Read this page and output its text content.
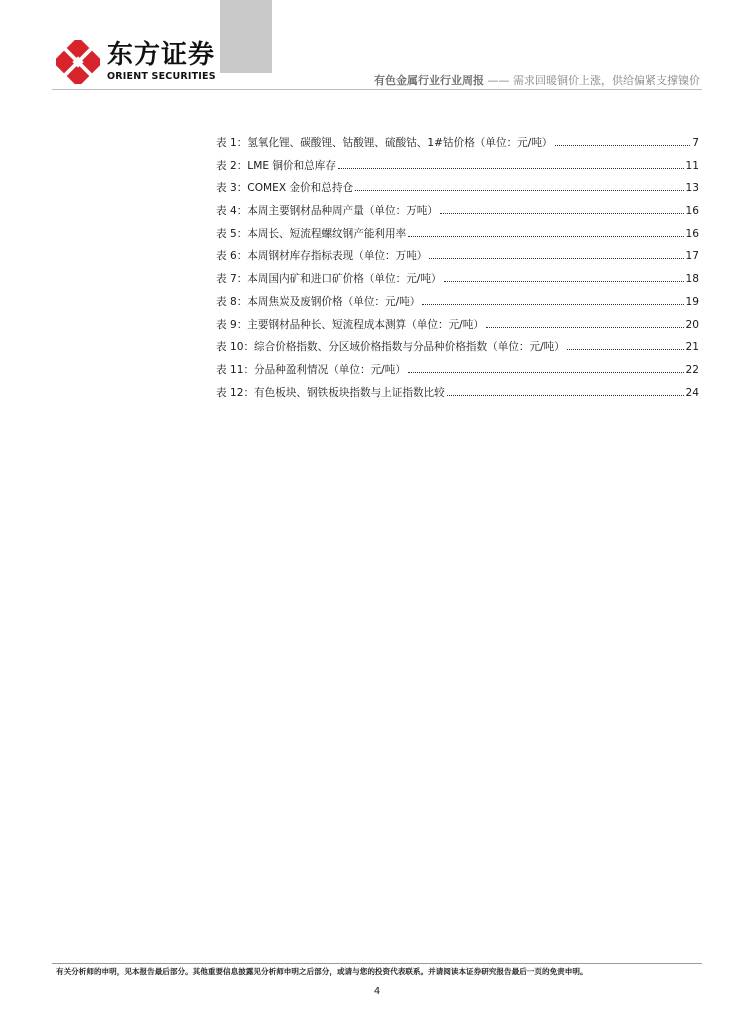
东方证券
ORIENT SECURITIES	有色金属行业行业周报 —— 需求回暖铜价上涨，供给偏紧支撑镍价
表 1：氢氧化锂、碳酸锂、钴酸锂、硫酸钴、1#钴价格（单位：元/吨）	7
表 2：LME 铜价和总库存	11
表 3：COMEX 金价和总持仓	13
表 4：本周主要钢材品种周产量（单位：万吨）	16
表 5：本周长、短流程螺纹钢产能利用率	16
表 6：本周钢材库存指标表现（单位：万吨）	17
表 7：本周国内矿和进口矿价格（单位：元/吨）	18
表 8：本周焦炭及废钢价格（单位：元/吨）	19
表 9：主要钢材品种长、短流程成本测算（单位：元/吨）	20
表 10：综合价格指数、分区域价格指数与分品种价格指数（单位：元/吨）	21
表 11：分品种盈利情况（单位：元/吨）	22
表 12：有色板块、钢铁板块指数与上证指数比较	24
有关分析师的申明，见本报告最后部分。其他重要信息披露见分析师申明之后部分，或请与您的投资代表联系。并请阅读本证券研究报告最后一页的免责申明。
4
